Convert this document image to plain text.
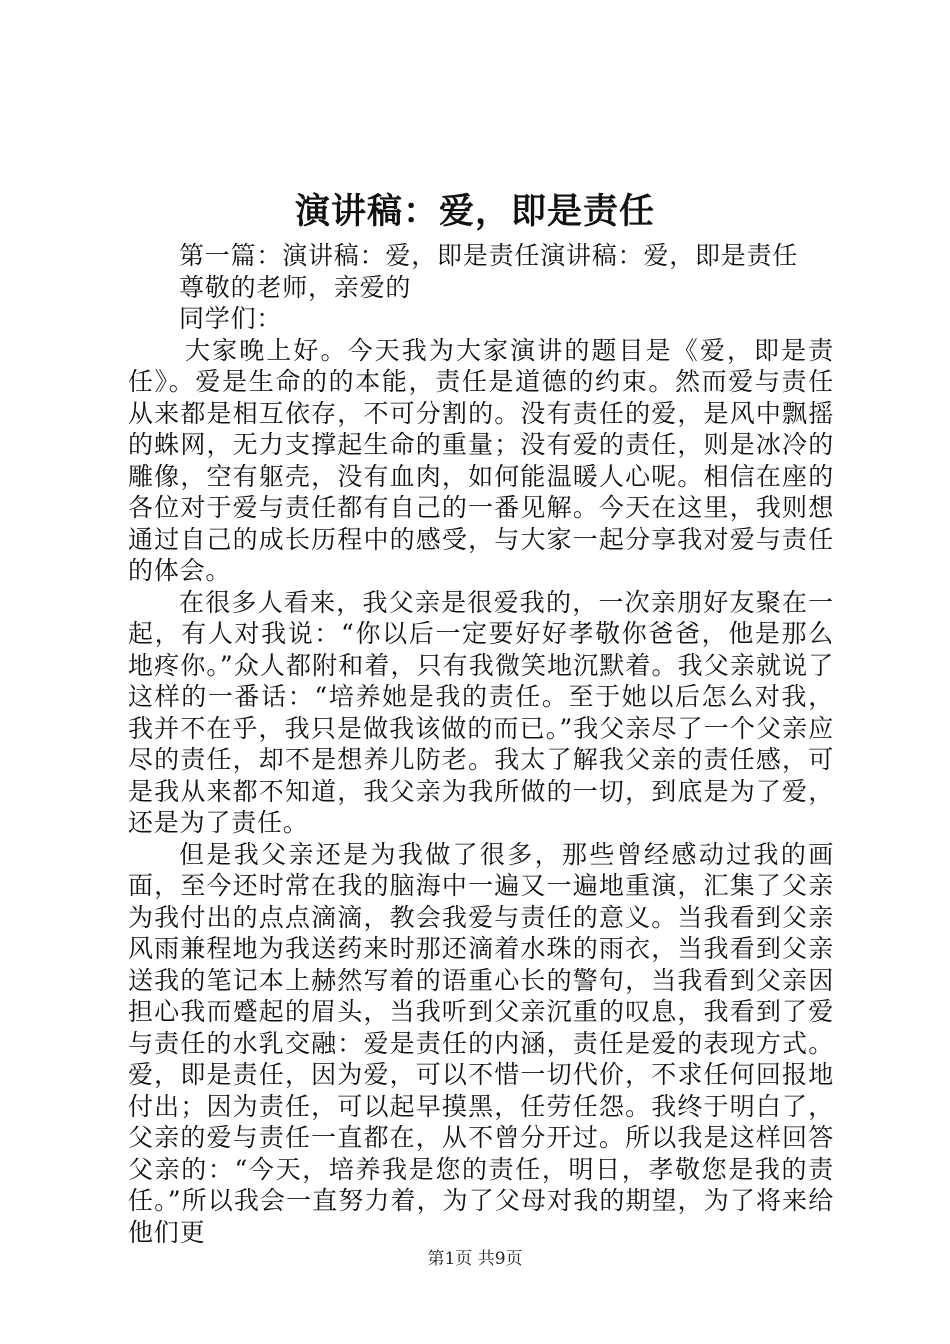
演讲稿：爱，即是责任

第一篇：演讲稿：爱，即是责任演讲稿：爱，即是责任

尊敬的老师，亲爱的

同学们：

大家晚上好。今天我为大家演讲的题目是《爱，即是责任》。爱是生命的的本能，责任是道德的约束。然而爱与责任从来都是相互依存，不可分割的。没有责任的爱，是风中飘摇的蛛网，无力支撑起生命的重量；没有爱的责任，则是冰冷的雕像，空有躯壳，没有血肉，如何能温暖人心呢。相信在座的各位对于爱与责任都有自己的一番见解。今天在这里，我则想通过自己的成长历程中的感受，与大家一起分享我对爱与责任的体会。

在很多人看来，我父亲是很爱我的，一次亲朋好友聚在一起，有人对我说：“你以后一定要好好孝敬你爸爸，他是那么地疼你。”众人都附和着，只有我微笑地沉默着。我父亲就说了这样的一番话：“培养她是我的责任。至于她以后怎么对我，我并不在乎，我只是做我该做的而已。”我父亲尽了一个父亲应尽的责任，却不是想养儿防老。我太了解我父亲的责任感，可是我从来都不知道，我父亲为我所做的一切，到底是为了爱，还是为了责任。

但是我父亲还是为我做了很多，那些曾经感动过我的画面，至今还时常在我的脑海中一遍又一遍地重演，汇集了父亲为我付出的点点滴滴，教会我爱与责任的意义。当我看到父亲风雨兼程地为我送药来时那还滴着水珠的雨衣，当我看到父亲送我的笔记本上赫然写着的语重心长的警句，当我看到父亲因担心我而蹙起的眉头，当我听到父亲沉重的叹息，我看到了爱与责任的水乳交融：爱是责任的内涵，责任是爱的表现方式。爱，即是责任，因为爱，可以不惜一切代价，不求任何回报地付出；因为责任，可以起早摸黑，任劳任怨。我终于明白了，父亲的爱与责任一直都在，从不曾分开过。所以我是这样回答父亲的：“今天，培养我是您的责任，明日，孝敬您是我的责任。”所以我会一直努力着，为了父母对我的期望，为了将来给他们更

第1页 共9页
